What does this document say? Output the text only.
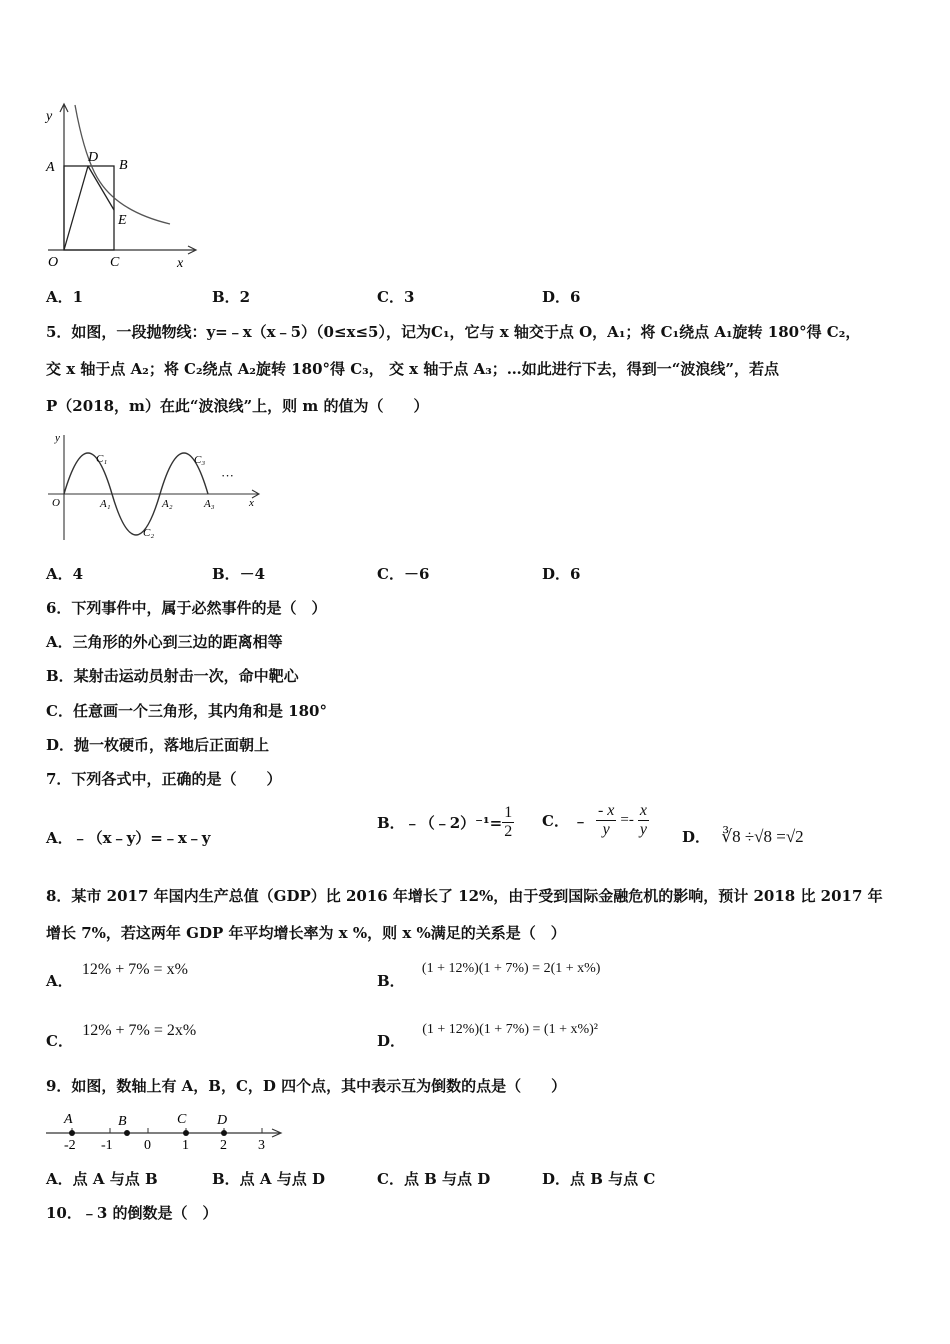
y
A
D
B
E
O	C	x
A．1	B．2	C．3	D．6
5．如图，一段抛物线：y=﹣x（x﹣5）（0≤x≤5），记为C₁，它与 x 轴交于点 O，A₁；将 C₁绕点 A₁旋转 180°得 C₂，
交 x 轴于点 A₂；将 C₂绕点 A₂旋转 180°得 C₃， 交 x 轴于点 A₃；…如此进行下去，得到一“波浪线”，若点
P（2018，m）在此“波浪线”上，则 m 的值为（　　）
y
O
C₁
A₁
C₂
A₂
C₃
A₃
···
x
A．4	B．－4	C．－6	D．6
6．下列事件中，属于必然事件的是（　）
A．三角形的外心到三边的距离相等
B．某射击运动员射击一次，命中靶心
C．任意画一个三角形，其内角和是 180°
D．抛一枚硬币，落地后正面朝上
7．下列各式中，正确的是（　　）
A．﹣（x﹣y）=﹣x﹣y
B． ﹣（﹣2）⁻¹= $\frac{1}{2}$ C． ﹣ $\frac{- x}{y} =- \frac{x}{y}$ D． ∛8 ÷√8 =√2
8．某市 2017 年国内生产总值（GDP）比 2016 年增长了 12%，由于受到国际金融危机的影响，预计 2018 比 2017 年
增长 7%，若这两年 GDP 年平均增长率为 x %，则 x %满足的关系是（　）
A． 12% + 7% = x%
B． (1 + 12%)(1 + 7%) = 2(1 + x%)
C． 12% + 7% = 2x%
D． (1 + 12%)(1 + 7%) = (1 + x%)²
9．如图，数轴上有 A，B，C，D 四个点，其中表示互为倒数的点是（　　）
A	B	C D
-2 -1 0 1 2 3
A．点 A 与点 B	B．点 A 与点 D	C．点 B 与点 D	D．点 B 与点 C
10．﹣3 的倒数是（　）
